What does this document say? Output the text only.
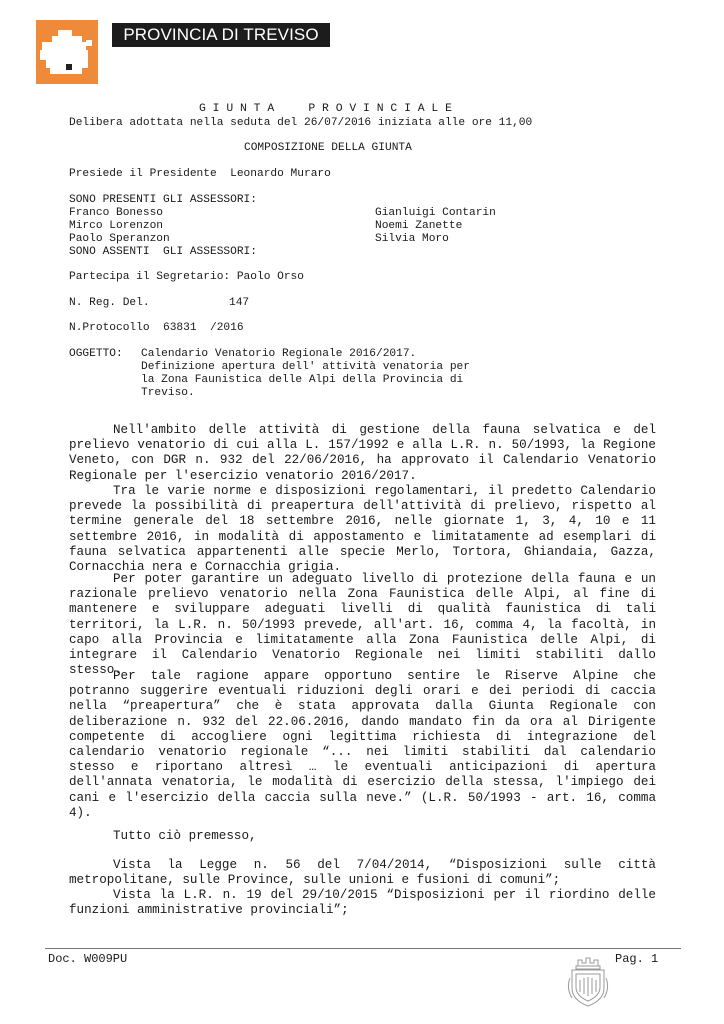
PROVINCIA DI TREVISO
G I U N T A     P R O V I N C I A L E
Delibera adottata nella seduta del 26/07/2016 iniziata alle ore 11,00
COMPOSIZIONE DELLA GIUNTA
Presiede il Presidente  Leonardo Muraro
SONO PRESENTI GLI ASSESSORI:
Franco Bonesso
Mirco Lorenzon
Paolo Speranzon
Gianluigi Contarin
Noemi Zanette
Silvia Moro
SONO ASSENTI  GLI ASSESSORI:
Partecipa il Segretario: Paolo Orso
N. Reg. Del.	147
N.Protocollo  63831  /2016
OGGETTO: Calendario Venatorio Regionale 2016/2017.
Definizione apertura dell' attività venatoria per
la Zona Faunistica delle Alpi della Provincia di
Treviso.

Nell'ambito delle attività di gestione della fauna selvatica e del prelievo venatorio di cui alla L. 157/1992 e alla L.R. n. 50/1993, la Regione Veneto, con DGR n. 932 del 22/06/2016, ha approvato il Calendario Venatorio Regionale per l'esercizio venatorio 2016/2017.

Tra le varie norme e disposizioni regolamentari, il predetto Calendario prevede la possibilità di preapertura dell'attività di prelievo, rispetto al termine generale del 18 settembre 2016, nelle giornate 1, 3, 4, 10 e 11 settembre 2016, in modalità di appostamento e limitatamente ad esemplari di fauna selvatica appartenenti alle specie Merlo, Tortora, Ghiandaia, Gazza, Cornacchia nera e Cornacchia grigia.

Per poter garantire un adeguato livello di protezione della fauna e un razionale prelievo venatorio nella Zona Faunistica delle Alpi, al fine di mantenere e sviluppare adeguati livelli di qualità faunistica di tali territori, la L.R. n. 50/1993 prevede, all'art. 16, comma 4, la facoltà, in capo alla Provincia e limitatamente alla Zona Faunistica delle Alpi, di integrare il Calendario Venatorio Regionale nei limiti stabiliti dallo stesso.

Per tale ragione appare opportuno sentire le Riserve Alpine che potranno suggerire eventuali riduzioni degli orari e dei periodi di caccia nella “preapertura” che è stata approvata dalla Giunta Regionale con deliberazione n. 932 del 22.06.2016, dando mandato fin da ora al Dirigente competente di accogliere ogni legittima richiesta di integrazione del calendario venatorio regionale “... nei limiti stabiliti dal calendario stesso e riportano altresì … le eventuali anticipazioni di apertura dell'annata venatoria, le modalità di esercizio della stessa, l'impiego dei cani e l'esercizio della caccia sulla neve.” (L.R. 50/1993 - art. 16, comma 4).

Tutto ciò premesso,

Vista la Legge n. 56 del 7/04/2014, “Disposizioni sulle città metropolitane, sulle Province, sulle unioni e fusioni di comuni”;

Vista la L.R. n. 19 del 29/10/2015 “Disposizioni per il riordino delle funzioni amministrative provinciali”;

Doc. W009PU	Pag. 1
